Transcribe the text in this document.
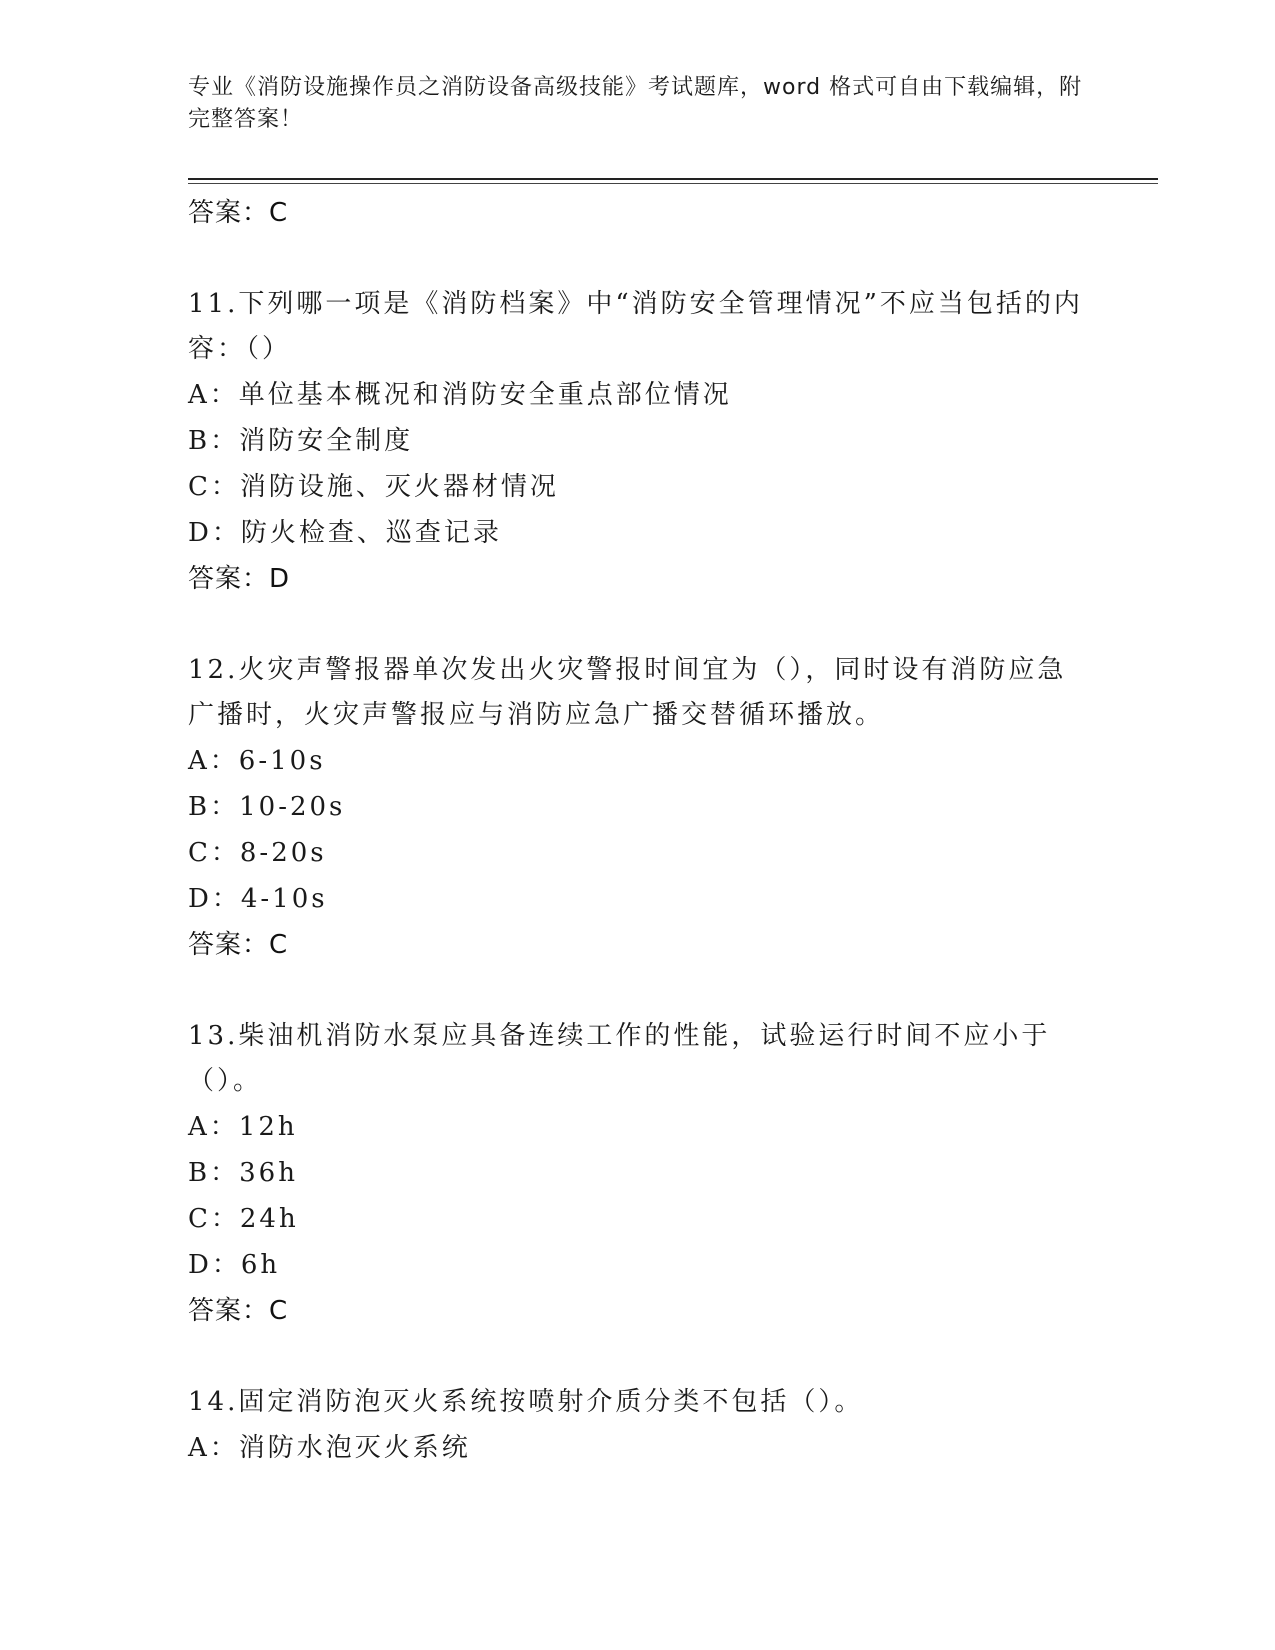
专业《消防设施操作员之消防设备高级技能》考试题库，word 格式可自由下载编辑，附完整答案！
答案：C
11.下列哪一项是《消防档案》中“消防安全管理情况”不应当包括的内容：（）
A：单位基本概况和消防安全重点部位情况
B：消防安全制度
C：消防设施、灭火器材情况
D：防火检查、巡查记录
答案：D
12.火灾声警报器单次发出火灾警报时间宜为（），同时设有消防应急广播时，火灾声警报应与消防应急广播交替循环播放。
A：6-10s
B：10-20s
C：8-20s
D：4-10s
答案：C
13.柴油机消防水泵应具备连续工作的性能，试验运行时间不应小于（）。
A：12h
B：36h
C：24h
D：6h
答案：C
14.固定消防泡灭火系统按喷射介质分类不包括（）。
A：消防水泡灭火系统
